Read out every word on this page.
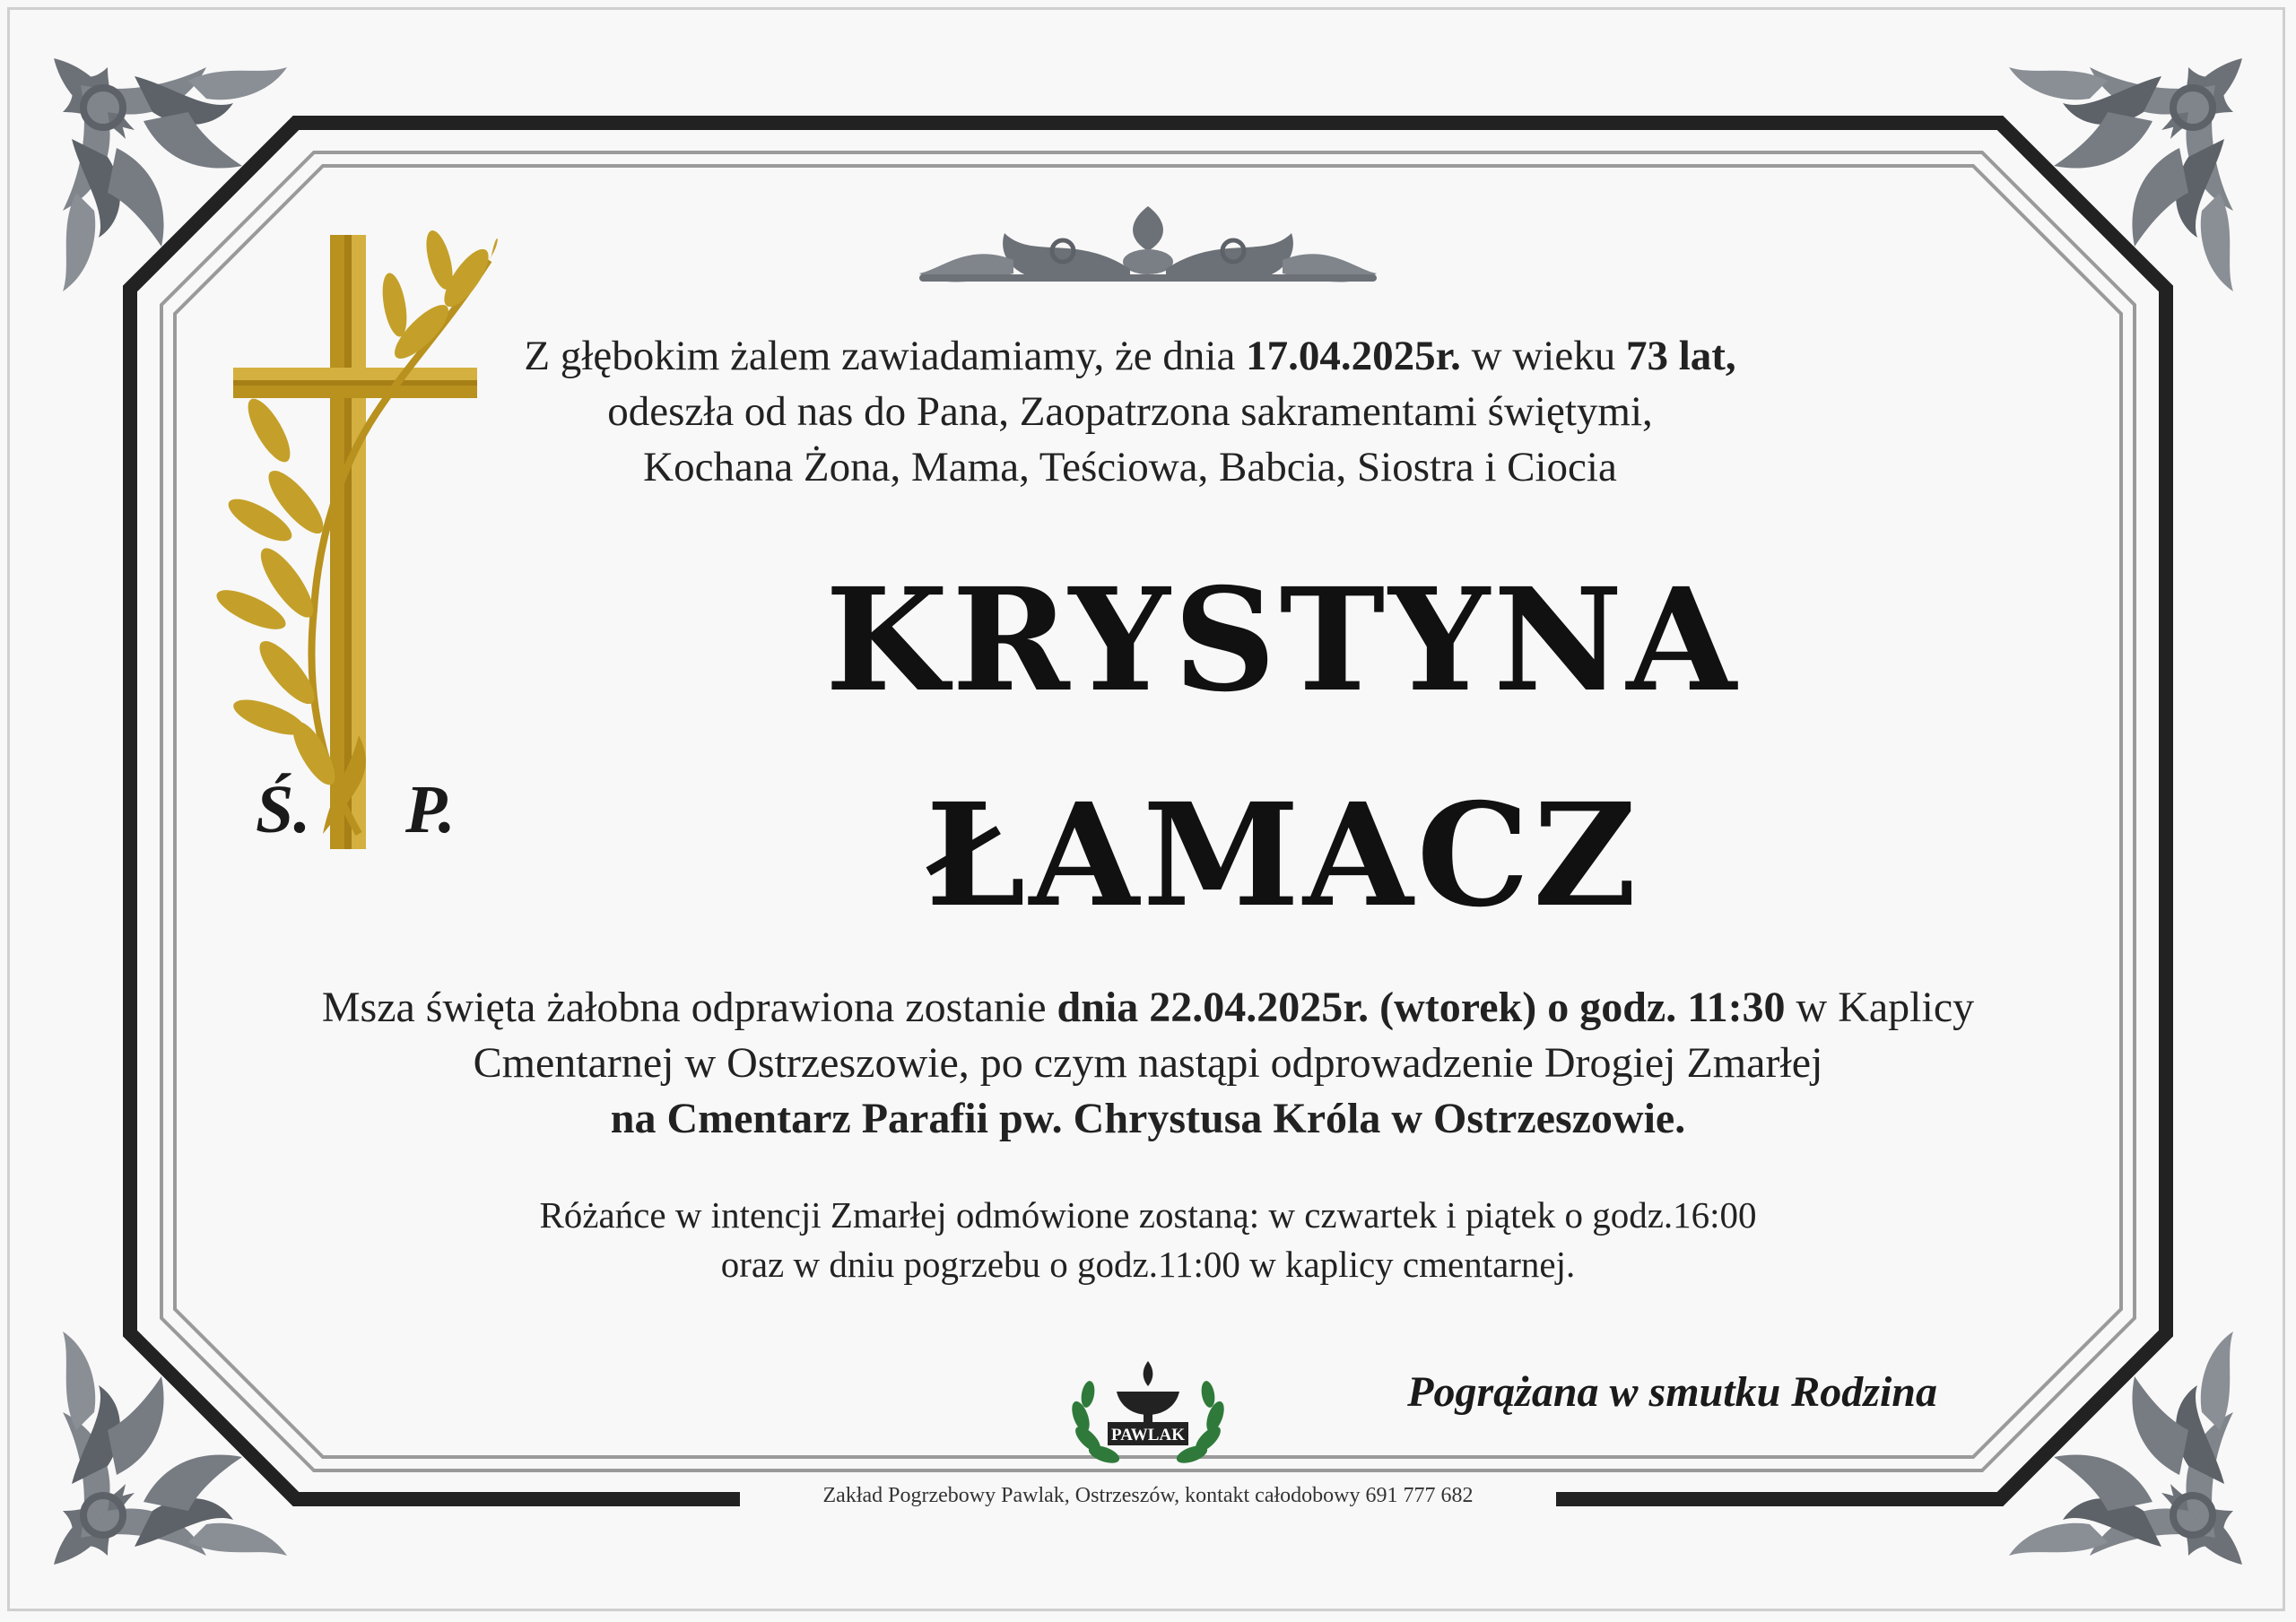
Ś. P.
Z głębokim żalem zawiadamiamy, że dnia 17.04.2025r. w wieku 73 lat,
odeszła od nas do Pana, Zaopatrzona sakramentami świętymi,
Kochana Żona, Mama, Teściowa, Babcia, Siostra i Ciocia
KRYSTYNA
ŁAMACZ
Msza święta żałobna odprawiona zostanie dnia 22.04.2025r. (wtorek) o godz. 11:30 w Kaplicy
Cmentarnej w Ostrzeszowie, po czym nastąpi odprowadzenie Drogiej Zmarłej
na Cmentarz Parafii pw. Chrystusa Króla w Ostrzeszowie.
Różańce w intencji Zmarłej odmówione zostaną: w czwartek i piątek o godz.16:00
oraz w dniu pogrzebu o godz.11:00 w kaplicy cmentarnej.
Pogrążana w smutku Rodzina
PAWLAK
Zakład Pogrzebowy Pawlak, Ostrzeszów, kontakt całodobowy 691 777 682
